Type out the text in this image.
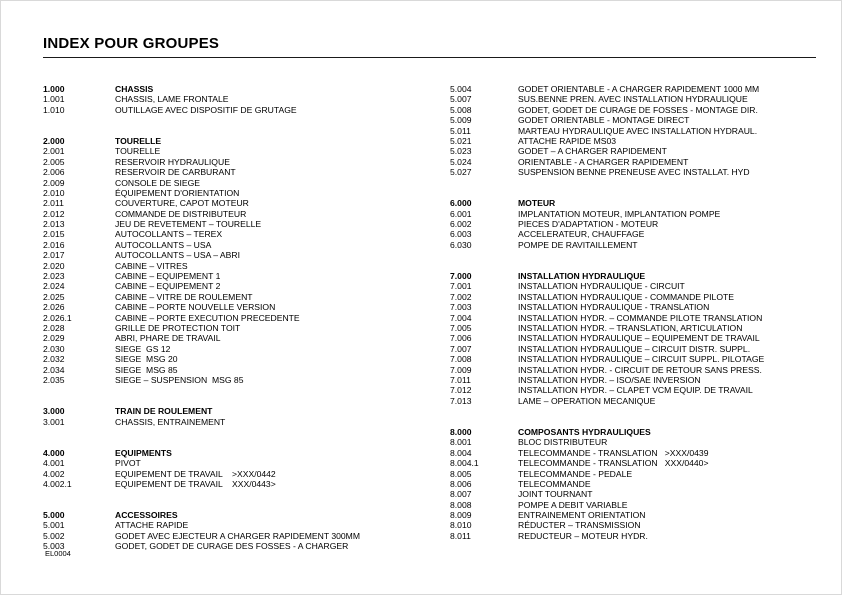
INDEX POUR GROUPES
1.000	CHASSIS
1.001	CHASSIS, LAME FRONTALE
1.010	OUTILLAGE AVEC DISPOSITIF DE GRUTAGE
2.000	TOURELLE
2.001	TOURELLE
2.005	RESERVOIR HYDRAULIQUE
2.006	RESERVOIR DE CARBURANT
2.009	CONSOLE DE SIEGE
2.010	ÉQUIPEMENT D'ORIENTATION
2.011	COUVERTURE, CAPOT MOTEUR
2.012	COMMANDE DE DISTRIBUTEUR
2.013	JEU DE REVETEMENT – TOURELLE
2.015	AUTOCOLLANTS – TEREX
2.016	AUTOCOLLANTS – USA
2.017	AUTOCOLLANTS – USA – ABRI
2.020	CABINE – VITRES
2.023	CABINE – EQUIPEMENT 1
2.024	CABINE – EQUIPEMENT 2
2.025	CABINE – VITRE DE ROULEMENT
2.026	CABINE – PORTE NOUVELLE VERSION
2.026.1	CABINE – PORTE EXECUTION PRECEDENTE
2.028	GRILLE DE PROTECTION TOIT
2.029	ABRI, PHARE DE TRAVAIL
2.030	SIEGE  GS 12
2.032	SIEGE  MSG 20
2.034	SIEGE  MSG 85
2.035	SIEGE – SUSPENSION  MSG 85
3.000	TRAIN DE ROULEMENT
3.001	CHASSIS, ENTRAINEMENT
4.000	EQUIPMENTS
4.001	PIVOT
4.002	EQUIPEMENT DE TRAVAIL    >XXX/0442
4.002.1	EQUIPEMENT DE TRAVAIL    XXX/0443>
5.000	ACCESSOIRES
5.001	ATTACHE RAPIDE
5.002	GODET AVEC EJECTEUR A CHARGER RAPIDEMENT 300MM
5.003	GODET, GODET DE CURAGE DES FOSSES - A CHARGER
5.004	GODET ORIENTABLE - A CHARGER RAPIDEMENT 1000 MM
5.007	SUS.BENNE PREN. AVEC INSTALLATION HYDRAULIQUE
5.008	GODET, GODET DE CURAGE DE FOSSES - MONTAGE DIR.
5.009	GODET ORIENTABLE - MONTAGE DIRECT
5.011	MARTEAU HYDRAULIQUE AVEC INSTALLATION HYDRAUL.
5.021	ATTACHE RAPIDE MS03
5.023	GODET – A CHARGER RAPIDEMENT
5.024	ORIENTABLE - A CHARGER RAPIDEMENT
5.027	SUSPENSION BENNE PRENEUSE AVEC INSTALLAT. HYD
6.000	MOTEUR
6.001	IMPLANTATION MOTEUR, IMPLANTATION POMPE
6.002	PIECES D'ADAPTATION - MOTEUR
6.003	ACCELERATEUR, CHAUFFAGE
6.030	POMPE DE RAVITAILLEMENT
7.000	INSTALLATION HYDRAULIQUE
7.001	INSTALLATION HYDRAULIQUE - CIRCUIT
7.002	INSTALLATION HYDRAULIQUE - COMMANDE PILOTE
7.003	INSTALLATION HYDRAULIQUE - TRANSLATION
7.004	INSTALLATION HYDR. – COMMANDE PILOTE TRANSLATION
7.005	INSTALLATION HYDR. – TRANSLATION, ARTICULATION
7.006	INSTALLATION HYDRAULIQUE – EQUIPEMENT DE TRAVAIL
7.007	INSTALLATION HYDRAULIQUE – CIRCUIT DISTR. SUPPL.
7.008	INSTALLATION HYDRAULIQUE – CIRCUIT SUPPL. PILOTAGE
7.009	INSTALLATION HYDR. - CIRCUIT DE RETOUR SANS PRESS.
7.011	INSTALLATION HYDR. – ISO/SAE INVERSION
7.012	INSTALLATION HYDR. – CLAPET VCM EQUIP. DE TRAVAIL
7.013	LAME – OPERATION MECANIQUE
8.000	COMPOSANTS HYDRAULIQUES
8.001	BLOC DISTRIBUTEUR
8.004	TELECOMMANDE - TRANSLATION   >XXX/0439
8.004.1	TELECOMMANDE - TRANSLATION   XXX/0440>
8.005	TELECOMMANDE - PEDALE
8.006	TELECOMMANDE
8.007	JOINT TOURNANT
8.008	POMPE A DEBIT VARIABLE
8.009	ENTRAINEMENT ORIENTATION
8.010	RÉDUCTER – TRANSMISSION
8.011	REDUCTEUR – MOTEUR HYDR.
EL0004
